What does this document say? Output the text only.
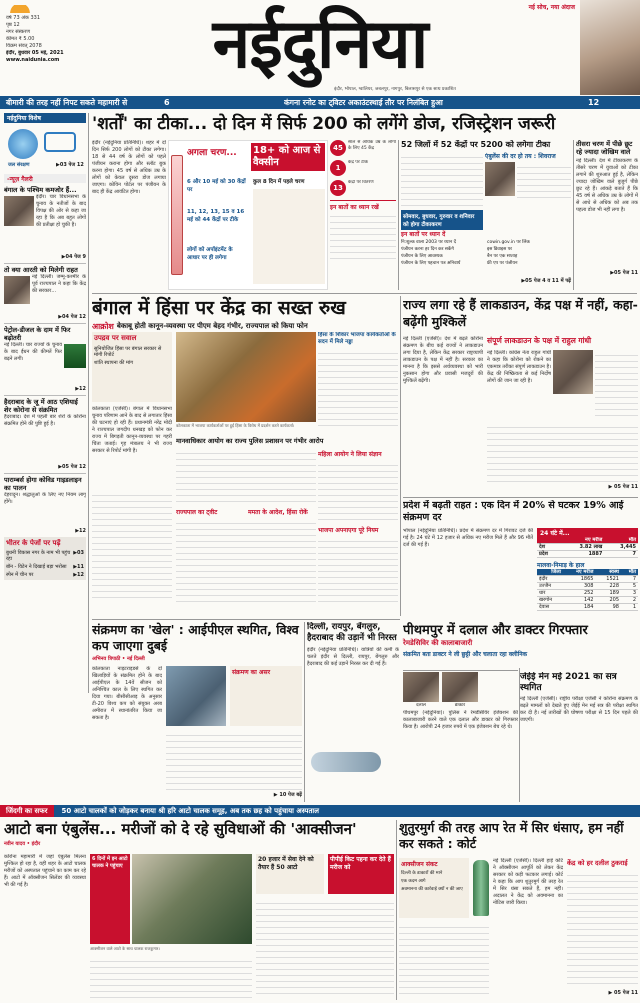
वर्ष 73 अंक 331
पृष्ठ 12
नगर संस्करण
कीमत ₹ 5.00
विक्रम संवत् 2078
इंदौर, बुधवार 05 मई, 2021
www.naidunia.com	नईदुनिया	नई सोच, नया अंदाज
इंदौर, भोपाल, ग्वालियर, जबलपुर, नागपुर, बिलासपुर से एक साथ प्रकाशित
बीमारी की तरह नहीं निपट सकते महामारी से	6	कंगना रनोट का ट्विटर अकाउंटस्थाई तौर पर निलंबित हुआ	12
नईदुनिया विशेष
जल संरक्षण	▶03 पेज 12
-न्यूज़ गैलरी
बंगाल के पश्चिम कमजोर हैं...
इंदौर। चार विधानसभा के चुनाव के नतीजों के बाद विपक्ष की ओर से कहा जा रहा है कि अब बहुत लोगों की प्रतीक्षा हो चुकी है।
▶04 पेज 9
तो क्या आरती को मिलेगी राहत
नई दिल्ली। जम्मू-कश्मीर के पूर्व राज्यपाल ने कहा कि केंद्र की सरकार...
▶04 पेज 12
पेट्रोल-डीजल के दाम में फिर बढ़ोतरी
नई दिल्ली। चार राज्यों के चुनाव के बाद ईंधन की कीमतें फिर बढ़ने लगीं।
▶12
हैदराबाद के जू में आठ एशियाई शेर कोरोना से संक्रमित
हैदराबाद। देश में पहली बार शेरों के कोरोना संक्रमित होने की पुष्टि हुई है।
▶05 पेज 12
पाराम्बर्स होगा कोविड गाइडलाइन का पालन
देहरादून। श्रद्धालुओं के लिए नए नियम लागू होंगे।
▶12
भीतर के पेजों पर पढ़ें
बुधनी विकास नगर के नाम भी पहुंच रहा
▶03
बॉन - विटेन ने दिखाई बड़ा भरोसा ▶11
स्पेन में चीन पर	▶12
'शर्तों' का टीका... दो दिन में सिर्फ 200 को लगेंगे डोज, रजिस्ट्रेशन जरूरी
इंदौर (नईदुनिया प्रतिनिधि)। शहर में दो दिन सिर्फ 200 लोगों को टीका लगेगा। 18 से 44 वर्ष के लोगों को पहले पंजीयन कराना होगा और स्लॉट बुक करना होगा। 45 वर्ष से अधिक उम्र के लोगों को केवल दूसरा डोज लगाया जाएगा। कोविन पोर्टल पर पंजीयन के बाद ही केंद्र आवंटित होगा।
अगला चरण... 18+ को आज से वैक्सीन
6 और 10 मई को 30 केंद्रों पर
11, 12, 13, 15 व 16 मई को 44 केंद्रों पर टीके
लोगों को अपॉइंटमेंट के आधार पर ही लगेगा
कुल 8 दिन में पहले चरण
45
साल से अधिक उम्र के लोगों के लिए 45 केंद्र
1
केंद्र पर टीके
13
केंद्रों पर वितरण
इन बातों का ध्यान रखें
52 जिलों में 52 केंद्रों पर 5200 को लगेगा टीका
एंबुलेंस की दर हो तय : शिवराज
सोमवार, बुधवार, गुरुवार व शनिवार को होगा टीकाकरण
इन बातों पर ध्यान दें
नि:शुल्क वाला 2003 पर ध्यान दें
पंजीयन करना हर दिन कर सकेंगे
पंजीयन के लिए आवश्यक
पंजीयन के लिए पहचान पत्र अनिवार्य
cowin.gov.in पर लिंक
इस डिवाइस पर
बैन पर एक सप्ताह
फ्री एप पर पंजीयन
▶05 पेज 4 व 11 में पढ़ें
तीसरा चरण में पीछे छूट रहे ज्यादा जोखिम वाले
नई दिल्ली। देश में टीकाकरण के तीसरे चरण में युवाओं को टीका लगाने की शुरुआत हुई है, लेकिन ज्यादा जोखिम वाले बुजुर्ग पीछे छूट रहे हैं। आंकड़े बताते हैं कि 45 वर्ष से अधिक उम्र के लोगों में से आधे से अधिक को अब तक पहला डोज भी नहीं लगा है।
▶05 पेज 11
बंगाल में हिंसा पर केंद्र का सख्त रुख
आक्रोश बेकाबू होती कानून-व्यवस्था पर पीएम बेहद गंभीर, राज्यपाल को किया फोन
उपद्रव पर सवाल
सुनियोजित हिंसा पर बंगाल सरकार से मांगी रिपोर्ट
शांति स्थापना की मांग
कोलकाता (एजेंसी)। बंगाल में विधानसभा चुनाव परिणाम आने के बाद से लगातार हिंसा की घटनाएं हो रही हैं। प्रधानमंत्री नरेंद्र मोदी ने राज्यपाल जगदीप धनखड़ को फोन कर राज्य में बिगड़ती कानून-व्यवस्था पर गहरी चिंता जताई। गृह मंत्रालय ने भी राज्य सरकार से रिपोर्ट मांगी है।
कोलकाता में भाजपा कार्यकर्ताओं पर हुई हिंसा के विरोध में प्रदर्शन करते कार्यकर्ता।
हिंसा के शिकार भाजपा कार्यकर्ताओं के सदन में मिले नड्डा
मानवाधिकार आयोग का राज्य पुलिस प्रशासन पर गंभीर आरोप
महिला आयोग ने लिया संज्ञान
राज्यपाल का ट्वीट	ममता के आदेश, हिंसा रोकें
भाजपा अपनाएगा पूरे नियम
राज्य लगा रहे हैं लाकडाउन, केंद्र पक्ष में नहीं, कहा- बढ़ेंगी मुश्किलें
नई दिल्ली (एजेंसी)। देश में बढ़ते कोरोना संक्रमण के बीच कई राज्यों ने लाकडाउन लगा दिया है, लेकिन केंद्र सरकार राष्ट्रव्यापी लाकडाउन के पक्ष में नहीं है। सरकार का मानना है कि इससे अर्थव्यवस्था को भारी नुकसान होगा और प्रवासी मजदूरों की मुश्किलें बढ़ेंगी।
संपूर्ण लाकडाउन के पक्ष में राहुल गांधी
नई दिल्ली। कांग्रेस नेता राहुल गांधी ने कहा कि कोरोना को रोकने का एकमात्र तरीका संपूर्ण लाकडाउन है। केंद्र की निष्क्रियता से कई निर्दोष लोगों की जान जा रही है।
▶ 05 पेज 11
प्रदेश में बढ़ती राहत : एक दिन में 20% से घटकर 19% आई संक्रमण दर
भोपाल (नईदुनिया प्रतिनिधि)। प्रदेश में संक्रमण दर में गिरावट दर्ज की गई है। 24 घंटे में 12 हजार से अधिक नए मरीज मिले हैं और 96 मौतें दर्ज की गई हैं।
24 घंटे में...
	नए मरीज	मौत
देश	3.82 लाख	3,445
प्रदेश	1887	7
मालवा-निमाड़ के हाल
जिला	नए मरीज	स्वस्थ	मौत
इंदौर	1865	1521	7
उज्जैन	308	228	5
धार	252	189	3
खरगोन	142	205	2
देवास	184	98	1
जेईई मेन मई 2021 का सत्र स्थगित
नई दिल्ली (एजेंसी)। राष्ट्रीय परीक्षा एजेंसी ने कोरोना संक्रमण के बढ़ते मामलों को देखते हुए जेईई मेन मई सत्र की परीक्षा स्थगित कर दी है। नई तारीखों की घोषणा परीक्षा से 15 दिन पहले की जाएगी।
संक्रमण का 'खेल' : आईपीएल स्थगित, विश्व कप जाएगा दुबई
अभिनव त्रिपाठी • नई दिल्ली
कोलकाता नाइटराइडर्स के दो खिलाड़ियों के संक्रमित होने के बाद आईपीएल के 14वें सीजन को अनिश्चित काल के लिए स्थगित कर दिया गया। बीसीसीआइ के अनुसार टी-20 विश्व कप को संयुक्त अरब अमीरात में स्थानांतरित किया जा सकता है।
संक्रमण का असर
▶ 10 पेज बढ़ें
दिल्ली, रायपुर, बेंगलुरु, हैदराबाद की उड़ानें भी निरस्त
इंदौर (नईदुनिया प्रतिनिधि)। यात्रियों की कमी के चलते इंदौर से दिल्ली, रायपुर, बेंगलुरु और हैदराबाद की कई उड़ानें निरस्त कर दी गई हैं।
दलाल	डाक्टर
पीथमपुर में दलाल और डाक्टर गिरफ्तार
रेमडेसिविर की कालाबाजारी
संक्रमित बता डाक्टर ने ली छुट्टी और चलाता रहा क्लीनिक
पीथमपुर (नईदुनिया)। पुलिस ने रेमडेसिविर इंजेक्शन की कालाबाजारी करने वाले एक दलाल और डाक्टर को गिरफ्तार किया है। आरोपी 24 हजार रुपये में एक इंजेक्शन बेच रहे थे।
जिंदगी का सफर	50 आटो चालकों को जोड़कर बनाया श्री हरि आटो चालक समूह, अब तक छह को पहुंचाया अस्पताल
आटो बना एंबुलेंस... मरीजों को दे रहे सुविधाओं की 'आक्सीजन'
नवीन यादव • इंदौर
कोरोना महामारी में जहां एंबुलेंस मिलना मुश्किल हो रहा है, वहीं शहर के आटो चालक मरीजों को अस्पताल पहुंचाने का काम कर रहे हैं। आटो में ऑक्सीजन सिलेंडर की व्यवस्था भी की गई है।
6 दिनों में इन आटो चालक ने पहुंचाए
आक्सीजन वाले आटो के साथ चालक राजकुमार।
20 हजार में सेवा देने को तैयार हैं 50 आटो
पीपीई किट पहना कर देते हैं मरीज को
शुतुरमुर्ग की तरह आप रेत में सिर धंसाए, हम नहीं कर सकते : कोर्ट
आक्सीजन संकट
दिल्ली के डाक्टरों की माने
एक कदम आगे
अवमानना की कार्रवाई क्यों न की जाए
नई दिल्ली (एजेंसी)। दिल्ली हाई कोर्ट ने ऑक्सीजन आपूर्ति को लेकर केंद्र सरकार को कड़ी फटकार लगाई। कोर्ट ने कहा कि आप शुतुरमुर्ग की तरह रेत में सिर धंसा सकते हैं, हम नहीं। अदालत ने केंद्र को अवमानना का नोटिस जारी किया।
केंद्र को हर दलील ठुकराई
▶ 05 पेज 11
